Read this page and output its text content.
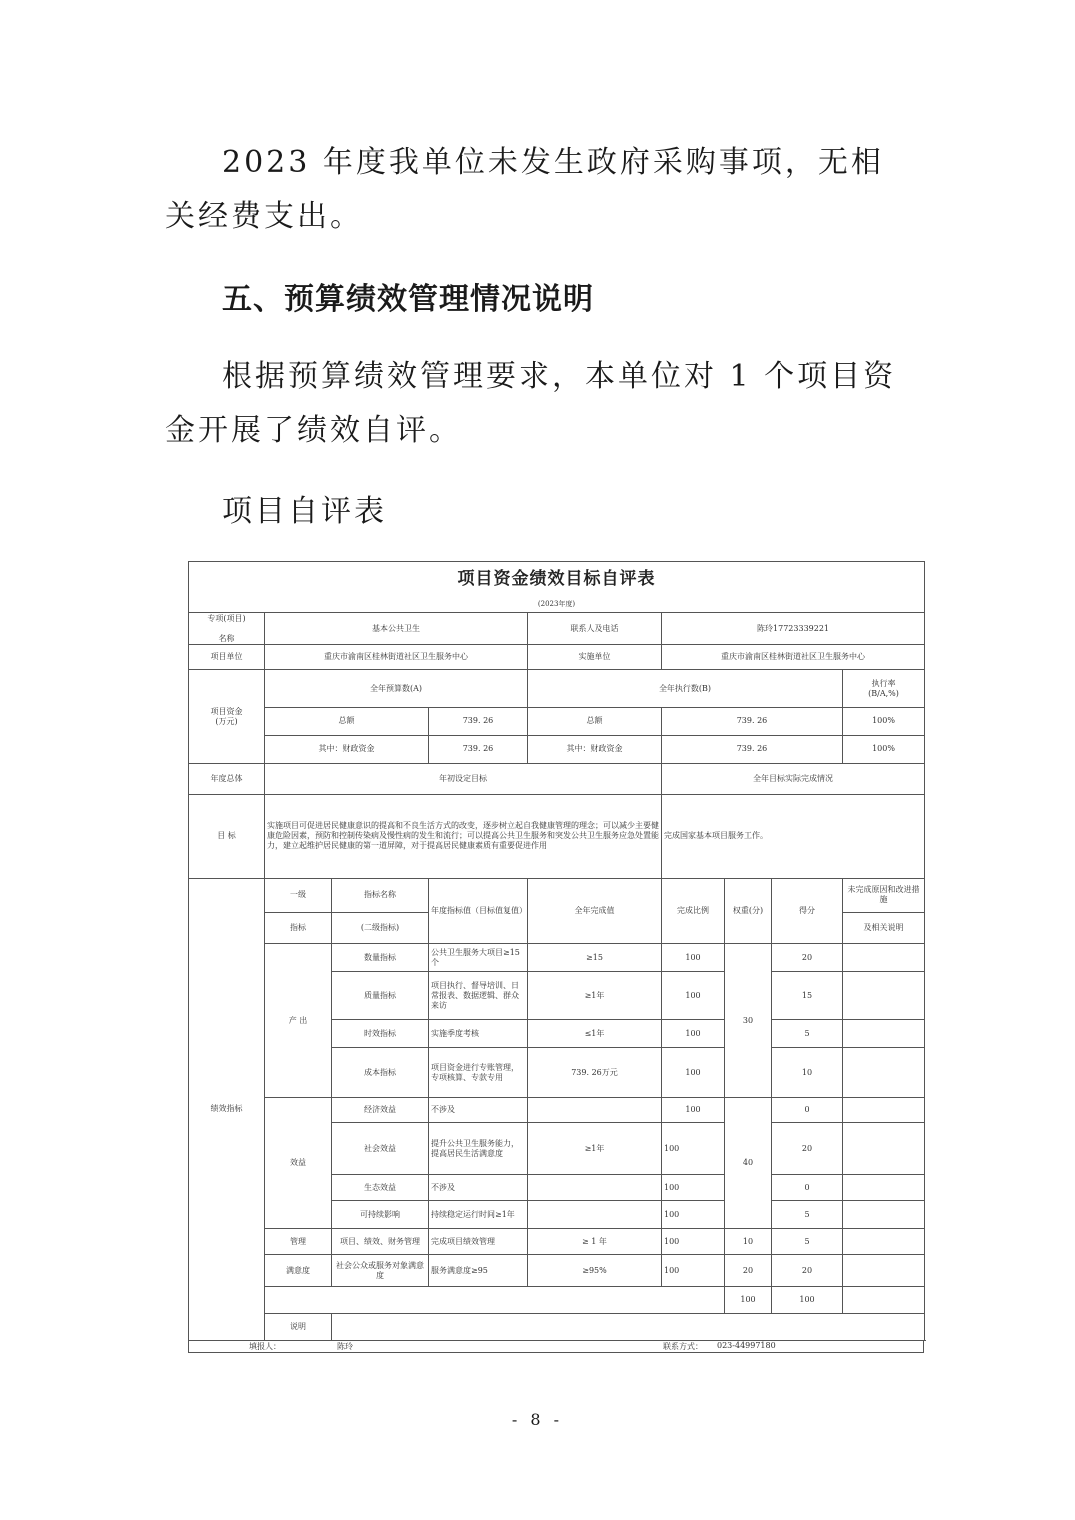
2023 年度我单位未发生政府采购事项，无相关经费支出。

五、预算绩效管理情况说明

根据预算绩效管理要求，本单位对 1 个项目资金开展了绩效自评。

项目自评表

项目资金绩效目标自评表								
(2023年度)								
专项(项目)

名称	基本公共卫生			联系人及电话	陈玲17723339221			
项目单位	重庆市渝南区桂林街道社区卫生服务中心			实施单位	重庆市渝南区桂林街道社区卫生服务中心			
项目资金
(万元)	全年预算数(A)			全年执行数(B)				执行率
(B/A,%)
	总额		739. 26	总额	739. 26			100%
	其中：财政资金		739. 26	其中：财政资金	739. 26			100%
年度总体	年初设定目标				全年目标实际完成情况			
目 标	实施项目可促进居民健康意识的提高和不良生活方式的改变，逐步树立起自我健康管理的理念；可以减少主要健康危险因素，预防和控制传染病及慢性病的发生和流行；可以提高公共卫生服务和突发公共卫生服务应急处置能力，建立起维护居民健康的第一道屏障，对于提高居民健康素质有重要促进作用				完成国家基本项目服务工作。			
绩效指标	一级	指标名称	年度指标值（目标值复值）	全年完成值	完成比例	权重(分)	得分	未完成原因和改进措施
	指标	(二级指标)						及相关说明
	产 出	数量指标	公共卫生服务大项目≥15个	≥15	100	30	20	
		质量指标	项目执行、督导培训、日常报表、数据逻辑、群众来访	≥1年	100		15	
		时效指标	实施季度考核	≤1年	100		5	
		成本指标	项目资金进行专账管理，专项核算、专款专用	739. 26万元	100		10	
	效益	经济效益	不涉及		100	40	0	
		社会效益	提升公共卫生服务能力，提高居民生活满意度	≥1年	100		20	
		生态效益	不涉及		100		0	
		可持续影响	持续稳定运行时间≥1年		100		5	
	管理	项目、绩效、财务管理	完成项目绩效管理	≥ 1 年	100	10	5	
	满意度	社会公众或服务对象满意度	服务满意度≥95	≥95%	100	20	20	
						100	100	
	说明							
填报人：	陈玲	联系方式： 023-44997180
- 8 -
